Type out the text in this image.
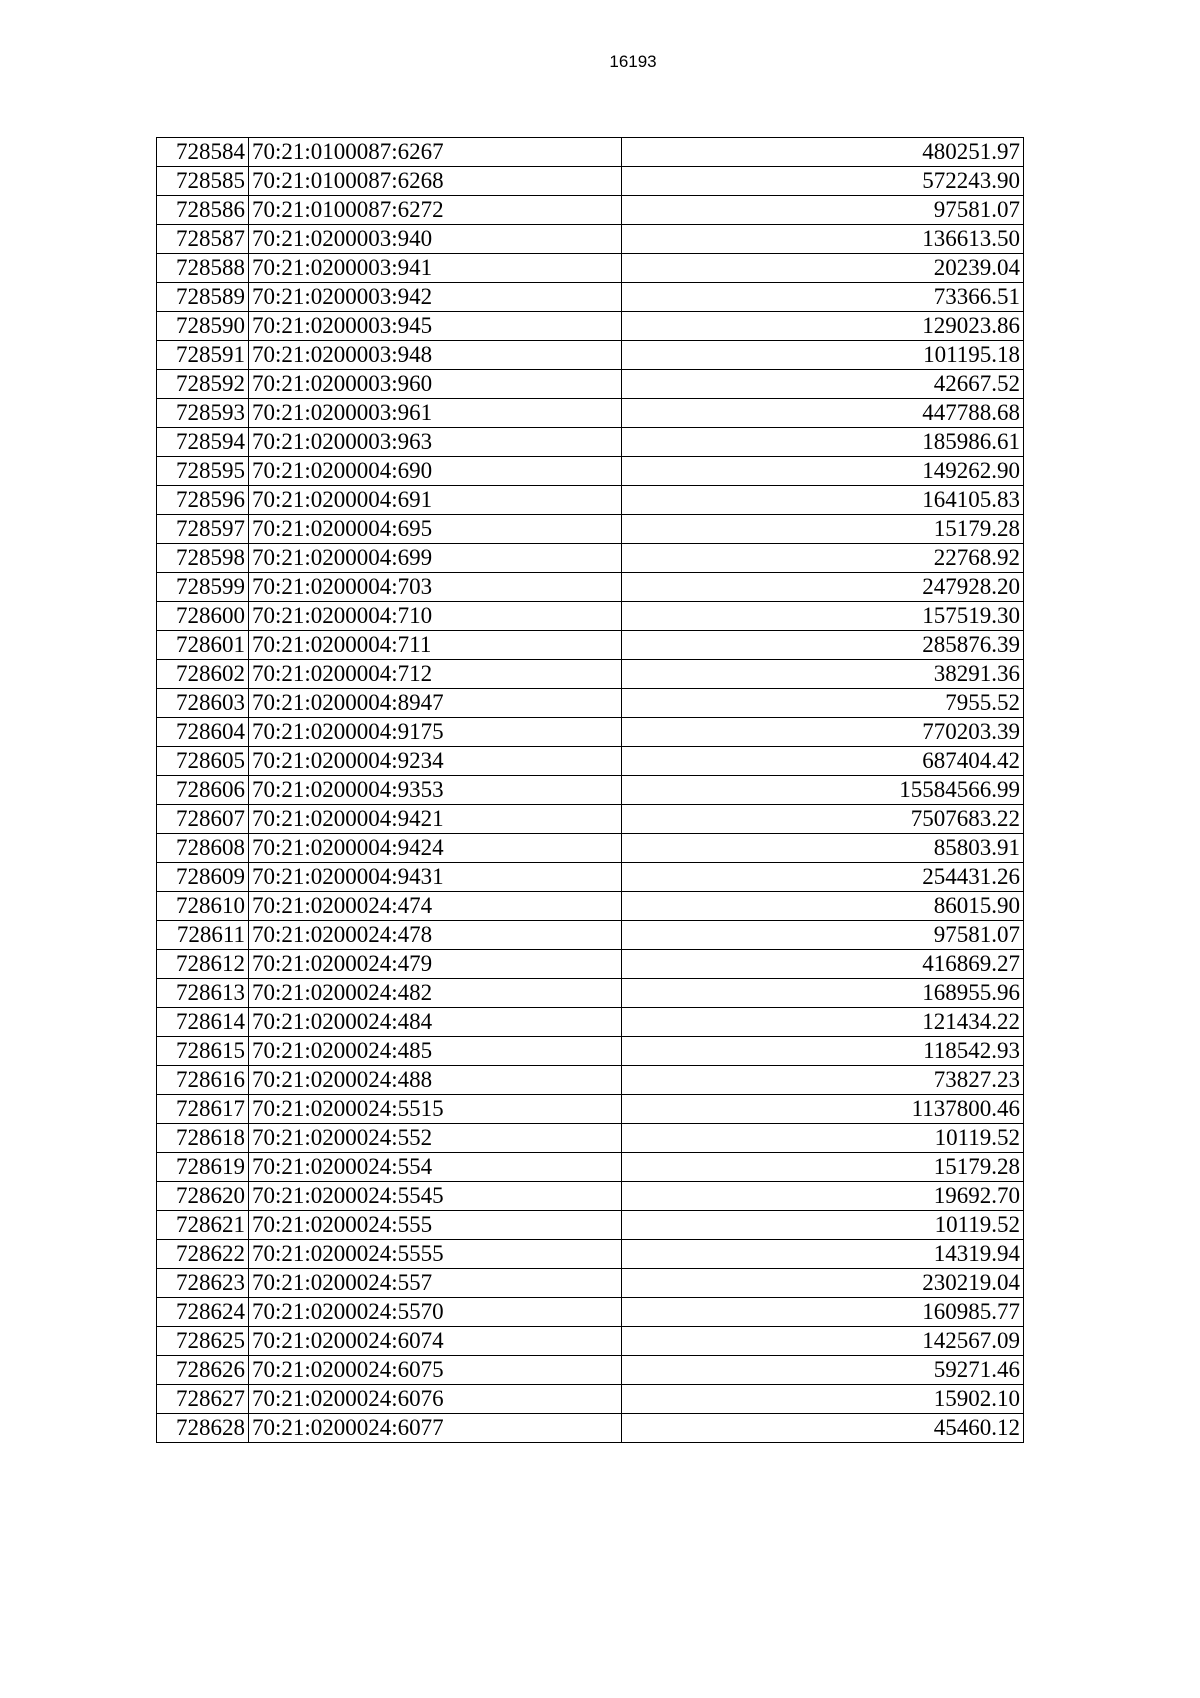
16193
728584	70:21:0100087:6267	480251.97
728585	70:21:0100087:6268	572243.90
728586	70:21:0100087:6272	97581.07
728587	70:21:0200003:940	136613.50
728588	70:21:0200003:941	20239.04
728589	70:21:0200003:942	73366.51
728590	70:21:0200003:945	129023.86
728591	70:21:0200003:948	101195.18
728592	70:21:0200003:960	42667.52
728593	70:21:0200003:961	447788.68
728594	70:21:0200003:963	185986.61
728595	70:21:0200004:690	149262.90
728596	70:21:0200004:691	164105.83
728597	70:21:0200004:695	15179.28
728598	70:21:0200004:699	22768.92
728599	70:21:0200004:703	247928.20
728600	70:21:0200004:710	157519.30
728601	70:21:0200004:711	285876.39
728602	70:21:0200004:712	38291.36
728603	70:21:0200004:8947	7955.52
728604	70:21:0200004:9175	770203.39
728605	70:21:0200004:9234	687404.42
728606	70:21:0200004:9353	15584566.99
728607	70:21:0200004:9421	7507683.22
728608	70:21:0200004:9424	85803.91
728609	70:21:0200004:9431	254431.26
728610	70:21:0200024:474	86015.90
728611	70:21:0200024:478	97581.07
728612	70:21:0200024:479	416869.27
728613	70:21:0200024:482	168955.96
728614	70:21:0200024:484	121434.22
728615	70:21:0200024:485	118542.93
728616	70:21:0200024:488	73827.23
728617	70:21:0200024:5515	1137800.46
728618	70:21:0200024:552	10119.52
728619	70:21:0200024:554	15179.28
728620	70:21:0200024:5545	19692.70
728621	70:21:0200024:555	10119.52
728622	70:21:0200024:5555	14319.94
728623	70:21:0200024:557	230219.04
728624	70:21:0200024:5570	160985.77
728625	70:21:0200024:6074	142567.09
728626	70:21:0200024:6075	59271.46
728627	70:21:0200024:6076	15902.10
728628	70:21:0200024:6077	45460.12
